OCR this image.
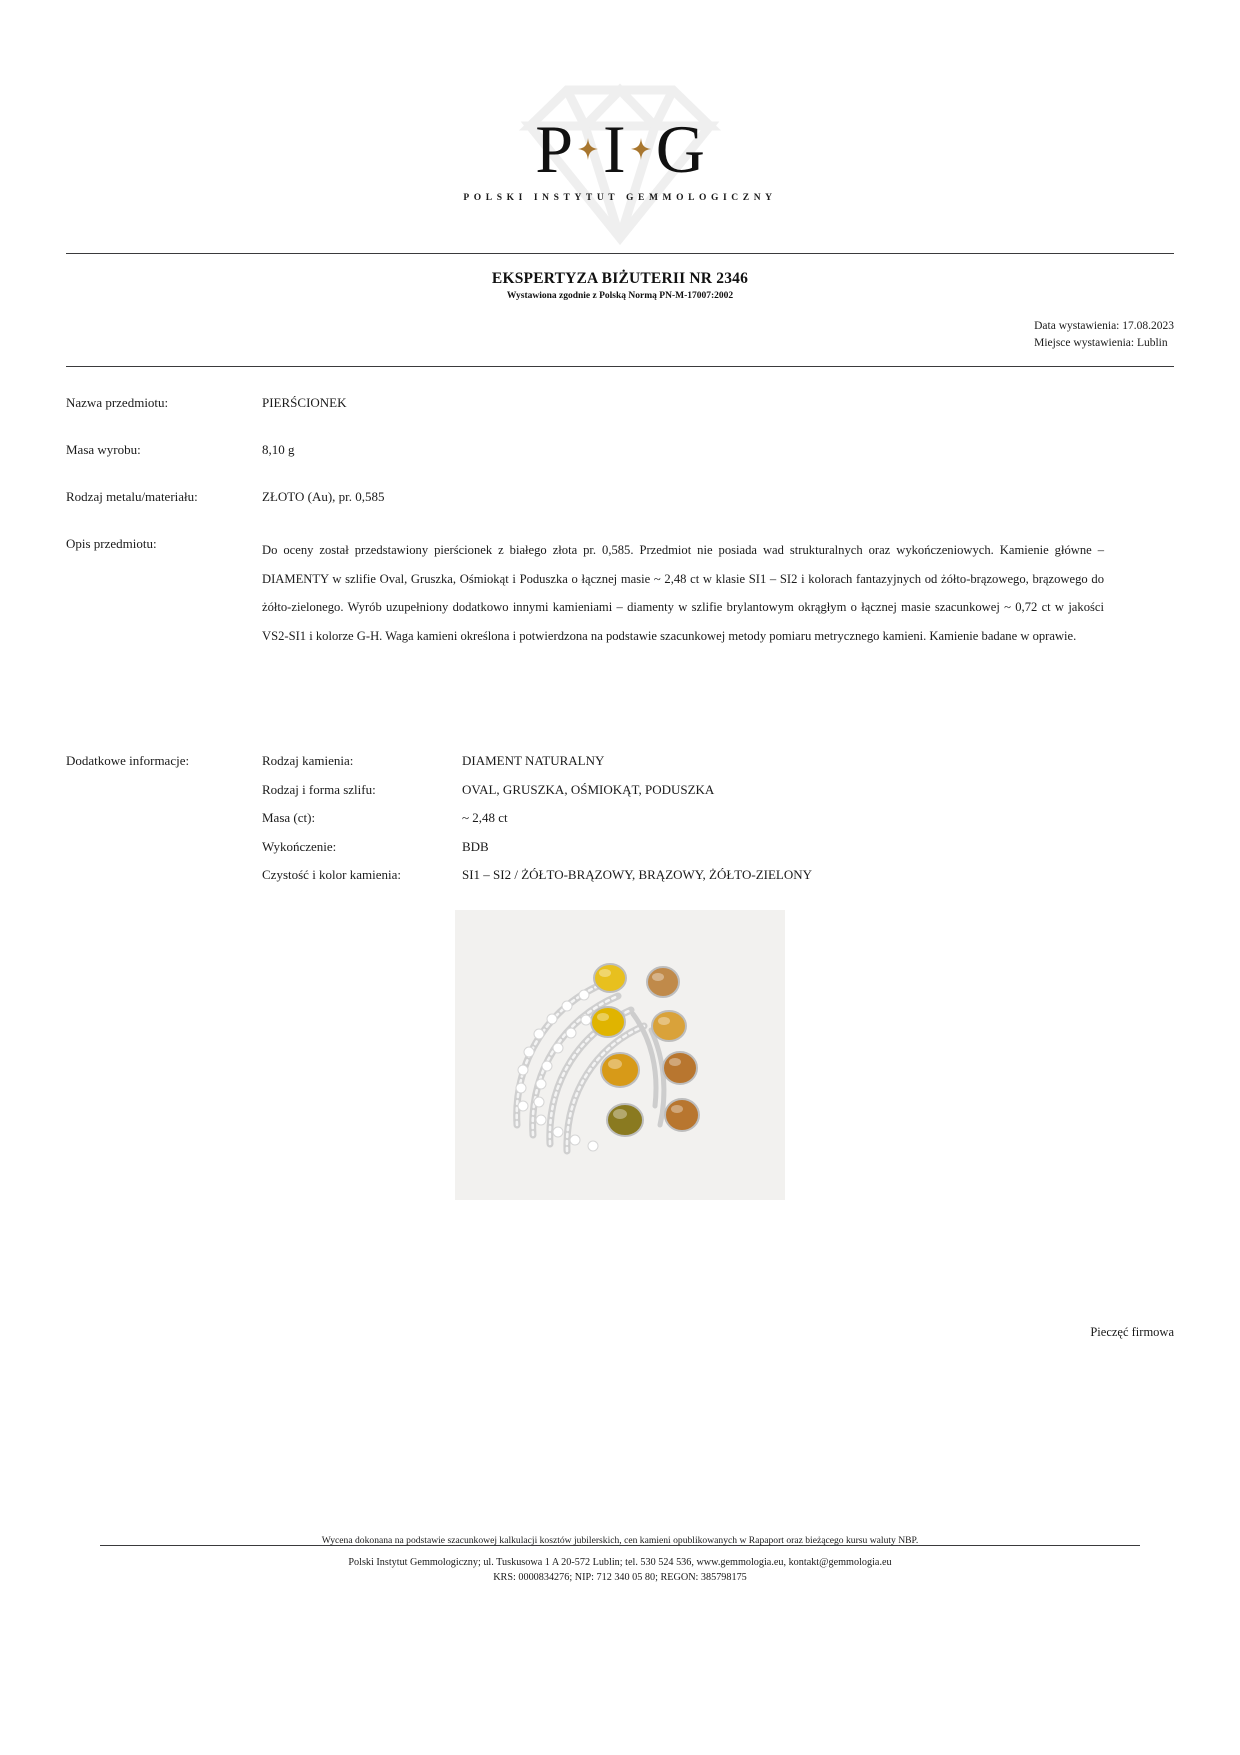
P I G
POLSKI INSTYTUT GEMMOLOGICZNY
EKSPERTYZA BIŻUTERII NR 2346
Wystawiona zgodnie z Polską Normą PN-M-17007:2002
Data wystawienia: 17.08.2023
Miejsce wystawienia: Lublin
Nazwa przedmiotu:	PIERŚCIONEK
Masa wyrobu:	8,10 g
Rodzaj metalu/materiału:	ZŁOTO (Au), pr. 0,585
Opis przedmiotu:	Do oceny został przedstawiony pierścionek z białego złota pr. 0,585. Przedmiot nie posiada wad strukturalnych oraz wykończeniowych. Kamienie główne – DIAMENTY w szlifie Oval, Gruszka, Ośmiokąt i Poduszka o łącznej masie ~ 2,48 ct w klasie SI1 – SI2 i kolorach fantazyjnych od żółto-brązowego, brązowego do żółto-zielonego. Wyrób uzupełniony dodatkowo innymi kamieniami – diamenty w szlifie brylantowym okrągłym o łącznej masie szacunkowej ~ 0,72 ct w jakości VS2-SI1 i kolorze G-H. Waga kamieni określona i potwierdzona na podstawie szacunkowej metody pomiaru metrycznego kamieni. Kamienie badane w oprawie.
Dodatkowe informacje:	Rodzaj kamienia:	DIAMENT NATURALNY
Rodzaj i forma szlifu:	OVAL, GRUSZKA, OŚMIOKĄT, PODUSZKA
Masa (ct):	~ 2,48 ct
Wykończenie:	BDB
Czystość i kolor kamienia:	SI1 – SI2 / ŻÓŁTO-BRĄZOWY, BRĄZOWY, ŻÓŁTO-ZIELONY
Pieczęć firmowa
Wycena dokonana na podstawie szacunkowej kalkulacji kosztów jubilerskich, cen kamieni opublikowanych w Rapaport oraz bieżącego kursu waluty NBP.
Polski Instytut Gemmologiczny; ul. Tuskusowa 1 A 20-572 Lublin; tel. 530 524 536, www.gemmologia.eu, kontakt@gemmologia.eu
KRS: 0000834276; NIP: 712 340 05 80; REGON: 385798175
